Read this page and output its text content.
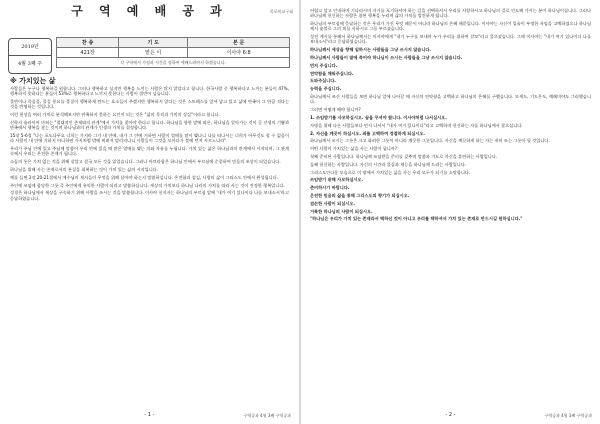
구 역 예 배 공 과	목포북교구회
2019년
4월 3째 주
찬 송	기 도	본 문
421장	맡은 이	이사야 6:8
각 구역에서 가정과 시간을 정하여 예배드려야지 하겠습니다.		
※ 가치있는 삶

사람들은 누구나 행복하길 원합니다. 그러나 행복하고 싶지만 행복을 느끼는 사람은 많지 않았다고 합니다. 한국사람 중 행복하다고 느끼는 분들이 47%, 행복하지 못하다는 분들이 53%로 행복하다고 느끼지 못한다는 사람이 절반이 넘습니다.

물만이나 죽음을, 물질 풍요를 물질이 행복하게 만드는 요소들이 주겠지만 행복하지 않다는 것은 스트레스를 앞서 낳고 있고 삶에 만족이 그 만큼 적다는 것을 반영하는 것입니다.

이런 현상을 여러 가치로 분석해보지만 만족하지 못하는 요인이 되는 것은 "삶의 목적과 가치의 상실"이라고 합니다.

신학자 슐라이어 마허는 "절대적인 존재와의 관계"에서 가치를 찾아야 한다고 합니다. 하나님을 향한 말에 따른, 하나님을 알아가는 것이 곧 인생의 기쁨과 만족에서 행복을 찾는 것이며 하나님과의 관계가 인생의 가치를 결정합니다.

15장 5-6절 "나는 포도나무요 너희는 가지라 그가 내 안에, 내가 그 안에 거하면 사람이 열매를 많이 맺나니 나를 떠나서는 너희가 아무것도 할 수 없음이라 사람이 내 안에 거하지 아니하면 가지처럼 밖에 버려져 말라지나니 사람들이 그것을 모아다가 불에 던져 사르느니라"

우리가 주님 안에 있고 주님께 말씀이 우리 안에 있을 때 많은 열매를 맺는 의와 자유를 누립니다. 가치 있는 삶은 하나님과의 관계에서 시작되며, 그 관계 속에서 우리는 온전한 존재가 됩니다.

소돔의 롯은 가치 없는 것을 위해 살았고 결국 모든 것을 잃었습니다. 그러나 아브라함은 하나님 안에서 부르심에 순종하여 믿음의 조상이 되었습니다.

하나님을 위해 사는 존재로서의 본질을 회복하는 것이 가치 있는 삶의 시작입니다.

예를 들면 2장 20-21절에서 예수님의 제자들이 무엇을 위해 살아야 하는지 말씀하십니다. 온전함과 섬김, 사랑의 삶이 그리스도 안에서 완성됩니다.

주인에 쓰임에 합당한 그릇 즉 주인에게 유익한 사람이 되라고 말씀하십니다. 세상적 가치보다 하나님 나라의 가치를 따라 사는 것이 진정한 행복입니다.

성경은 하나님께서 세상을 구속하기 위해 사람을 쓰시는 것을 말씀합니다. 이사야 선지자는 하나님의 부르심 앞에 '내가 여기 있나이다 나를 보내소서'라고 응답하였습니다.

- 1 -	구역공과 4월 3째 구역공과

어렵고 앞고 인내하며 기다리시며 자기를 포기하셔야 하는 길을 선택하셔서 우리를 사랑하시고 하나님의 길로 인도해 가시는 분이 하나님이십니다. 그러나 하나님께 헌신하는 사람은 참된 행복을 누리며 삶의 가치를 발견하게 됩니다.

하나님의 부르심에 응답하는 것은 우리가 가진 무엇 때문이 아니라 하나님의 은혜 때문입니다. 이사야는 자신이 입술이 부정한 자임을 고백하였으나 하나님께서 숯불로 그의 죄를 사하시고 그를 부르셨습니다.

성전 계시를 통해서 하나님께서는 이사야에게 "내가 누구를 보내며 누가 우리를 위하여 갈꼬"라고 물으셨습니다. 그때 이사야는 "내가 여기 있나이다 나를 보내소서"라고 응답하였습니다.

하나님께서 세상을 향해 일하시는 사람들을 그냥 쓰시지 않습니다.

하나님께서 사람들이 말에 죽어야 하나님이 쓰시는 사람들을 그냥 쓰시지 않습니다.

먼저 주십니다.

연약함을 채워주십니다.

도와주십니다.

능력을 주십니다.

하나님께서 쓰신 사람들을 보면 하나님 앞에 나아갈 때 자신의 연약함을 고백하고 하나님의 은혜를 구했습니다. 모세도, 기드온도, 예레미야도 그러했습니다.

그러면 어떻게 해야 합니까?

1. 쓰임받기를 사모하십시오. 꿈을 꾸셔야 합니다. 이사야처럼 나서십시오.

사명을 위해 다른 사람들보다 먼저 나서서 "내가 여기 있나이다"라고 고백하며 헌신하는 자를 하나님께서 찾으십니다.

2. 자신을 깨끗이 하십시오. 죄를 고백하여 정결하게 되십시오.

하나님께서 쓰시는 그릇은 크고 화려한 그릇이 아니라 깨끗한 그릇입니다. 자신을 깨끗하게 하는 자는 귀히 쓰는 그릇이 될 것입니다.

어떤 사람이 가치있는 삶을 사는 사람이 됩니까?

첫째 준비된 사람입니다. 하나님께 쓰임받을 준비를 갖추며 말씀과 기도로 자신을 훈련하는 사람입니다.

둘째 헌신하는 사람입니다. 자신의 시간과 물질과 재능을 하나님께 드리는 사람입니다.

그리스도인다운 모습으로 이 땅에서 가치있는 삶을 사는 우리 모두가 되기를 소망합니다.

쓰임받기 위해 사모하십시오.

준비하시기 바랍니다.

온전한 믿음의 삶을 통해 그리스도의 향기가 되십시오.

겸손한 사람이 되십시오.

거룩한 하나님의 사람이 되십시오.

"하나님은 우리가 가치 있는 존재라서 택하신 것이 아니고 우리를 택하셔서 가치 있는 존재로 만드시길 원하십니다."

- 2 -	구역공과 4월 3째 구역공과
